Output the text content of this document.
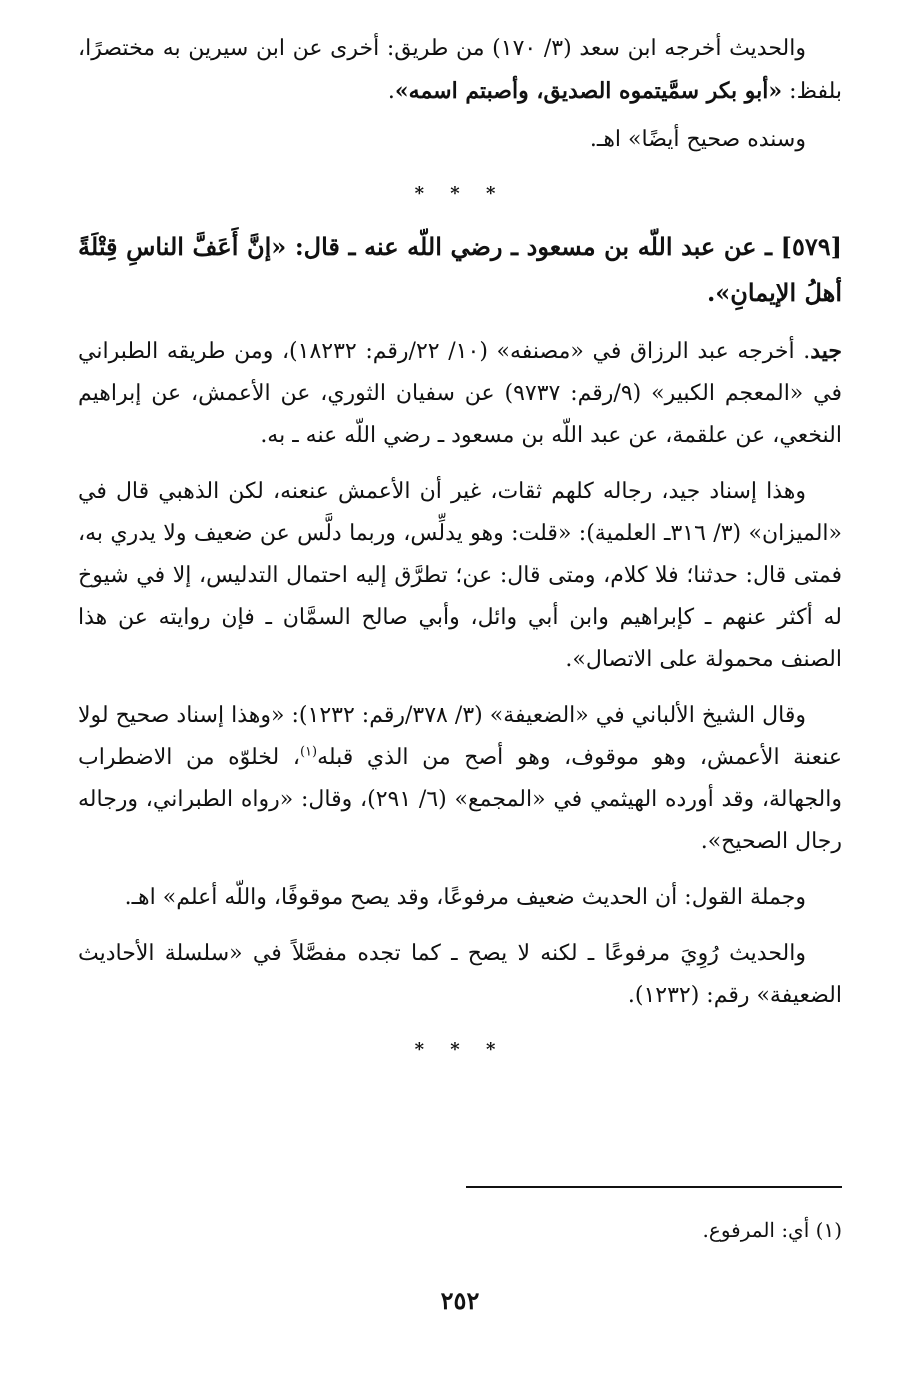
والحديث أخرجه ابن سعد (٣/ ١٧٠) من طريق: أخرى عن ابن سيرين به مختصرًا، بلفظ: «أبو بكر سمَّيتموه الصديق، وأصبتم اسمه».

وسنده صحيح أيضًا» اهـ.

* * *

[٥٧٩] ـ عن عبد اللّه بن مسعود ـ رضي اللّه عنه ـ قال: «إنَّ أَعَفَّ الناسِ قِتْلَةً أهلُ الإيمانِ».

جيد. أخرجه عبد الرزاق في «مصنفه» (١٠/ ٢٢/رقم: ١٨٢٣٢)، ومن طريقه الطبراني في «المعجم الكبير» (٩/رقم: ٩٧٣٧) عن سفيان الثوري، عن الأعمش، عن إبراهيم النخعي، عن علقمة، عن عبد اللّه بن مسعود ـ رضي اللّه عنه ـ به.

وهذا إسناد جيد، رجاله كلهم ثقات، غير أن الأعمش عنعنه، لكن الذهبي قال في «الميزان» (٣/ ٣١٦ـ العلمية): «قلت: وهو يدلِّس، وربما دلَّس عن ضعيف ولا يدري به، فمتى قال: حدثنا؛ فلا كلام، ومتى قال: عن؛ تطرَّق إليه احتمال التدليس، إلا في شيوخ له أكثر عنهم ـ كإبراهيم وابن أبي وائل، وأبي صالح السمَّان ـ فإن روايته عن هذا الصنف محمولة على الاتصال».

وقال الشيخ الألباني في «الضعيفة» (٣/ ٣٧٨/رقم: ١٢٣٢): «وهذا إسناد صحيح لولا عنعنة الأعمش، وهو موقوف، وهو أصح من الذي قبله$^{(١)}$، لخلوّه من الاضطراب والجهالة، وقد أورده الهيثمي في «المجمع» (٦/ ٢٩١)، وقال: «رواه الطبراني، ورجاله رجال الصحيح».

وجملة القول: أن الحديث ضعيف مرفوعًا، وقد يصح موقوفًا، واللّه أعلم» اهـ.

والحديث رُوِيَ مرفوعًا ـ لكنه لا يصح ـ كما تجده مفصَّلاً في «سلسلة الأحاديث الضعيفة» رقم: (١٢٣٢).

* * *
(١) أي: المرفوع.
٢٥٢
